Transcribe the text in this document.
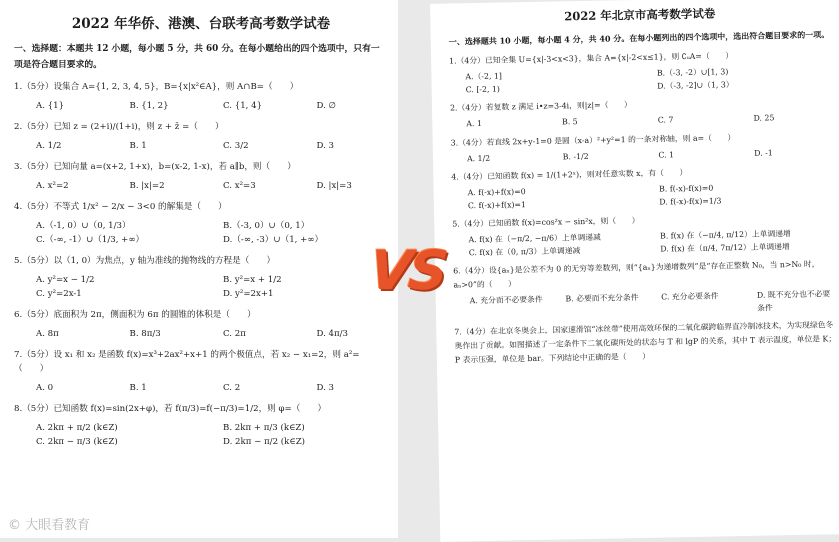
2022 年华侨、港澳、台联考高考数学试卷
一、选择题：本题共 12 小题，每小题 5 分，共 60 分。在每小题给出的四个选项中，只有一项是符合题目要求的。
1.（5分）设集合 A={1, 2, 3, 4, 5}，B={x|x²∈A}，则 A∩B=（　　）
A. {1}	B. {1, 2}	C. {1, 4}	D. ∅
2.（5分）已知 z = (2+i)/(1+i)，则 z + z̄ =（　　）
A. 1/2	B. 1	C. 3/2	D. 3
3.（5分）已知向量 a=(x+2, 1+x)，b=(x-2, 1-x)，若 a∥b，则（　　）
A. x²=2	B. |x|=2	C. x²=3	D. |x|=3
4.（5分）不等式 1/x² − 2/x − 3<0 的解集是（　　）
A.（-1, 0）∪（0, 1/3）	B.（-3, 0）∪（0, 1）
C.（-∞, -1）∪（1/3, +∞）	D.（-∞, -3）∪（1, +∞）
5.（5分）以（1, 0）为焦点，y 轴为准线的抛物线的方程是（　　）
A. y²=x − 1/2	B. y²=x + 1/2
C. y²=2x-1	D. y²=2x+1
6.（5分）底面积为 2π，侧面积为 6π 的圆锥的体积是（　　）
A. 8π	B. 8π/3	C. 2π	D. 4π/3
7.（5分）设 x₁ 和 x₂ 是函数 f(x)=x³+2ax²+x+1 的两个极值点，若 x₂ − x₁=2，则 a²=（　　）
A. 0	B. 1	C. 2	D. 3
8.（5分）已知函数 f(x)=sin(2x+φ)，若 f(π/3)=f(−π/3)=1/2，则 φ=（　　）
A. 2kπ + π/2 (k∈Z)	B. 2kπ + π/3 (k∈Z)
C. 2kπ − π/3 (k∈Z)	D. 2kπ − π/2 (k∈Z)
VS
2022 年北京市高考数学试卷
一、选择题共 10 小题，每小题 4 分，共 40 分。在每小题列出的四个选项中，选出符合题目要求的一项。
1.（4分）已知全集 U={x|-3<x<3}，集合 A={x|-2<x≤1}，则 ∁ᵤA=（　　）
A.（-2, 1]	B.（-3, -2）∪[1, 3)
C. [-2, 1)	D.（-3, -2]∪（1, 3）
2.（4分）若复数 z 满足 i•z=3-4i，则|z|=（　　）
A. 1	B. 5	C. 7	D. 25
3.（4分）若直线 2x+y-1=0 是圆（x-a）²+y²=1 的一条对称轴，则 a=（　　）
A. 1/2	B. -1/2	C. 1	D. -1
4.（4分）已知函数 f(x) = 1/(1+2ˣ)，则对任意实数 x，有（　　）
A. f(-x)+f(x)=0	B. f(-x)-f(x)=0
C. f(-x)+f(x)=1	D. f(-x)-f(x)=1/3
5.（4分）已知函数 f(x)=cos²x − sin²x，则（　　）
A. f(x) 在（−π/2, −π/6）上单调递减	B. f(x) 在（−π/4, π/12）上单调递增
C. f(x) 在（0, π/3）上单调递减	D. f(x) 在（π/4, 7π/12）上单调递增
6.（4分）设{aₙ}是公差不为 0 的无穷等差数列，则“{aₙ}为递增数列”是“存在正整数 N₀，当 n>N₀ 时，aₙ>0”的（　　）
A. 充分而不必要条件	B. 必要而不充分条件	C. 充分必要条件	D. 既不充分也不必要条件
7.（4分）在北京冬奥会上，国家速滑馆“冰丝带”使用高效环保的二氧化碳跨临界直冷制冰技术，为实现绿色冬奥作出了贡献。如图描述了一定条件下二氧化碳所处的状态与 T 和 lgP 的关系，其中 T 表示温度，单位是 K；P 表示压强，单位是 bar。下列结论中正确的是（　　）
© 大眼看教育
